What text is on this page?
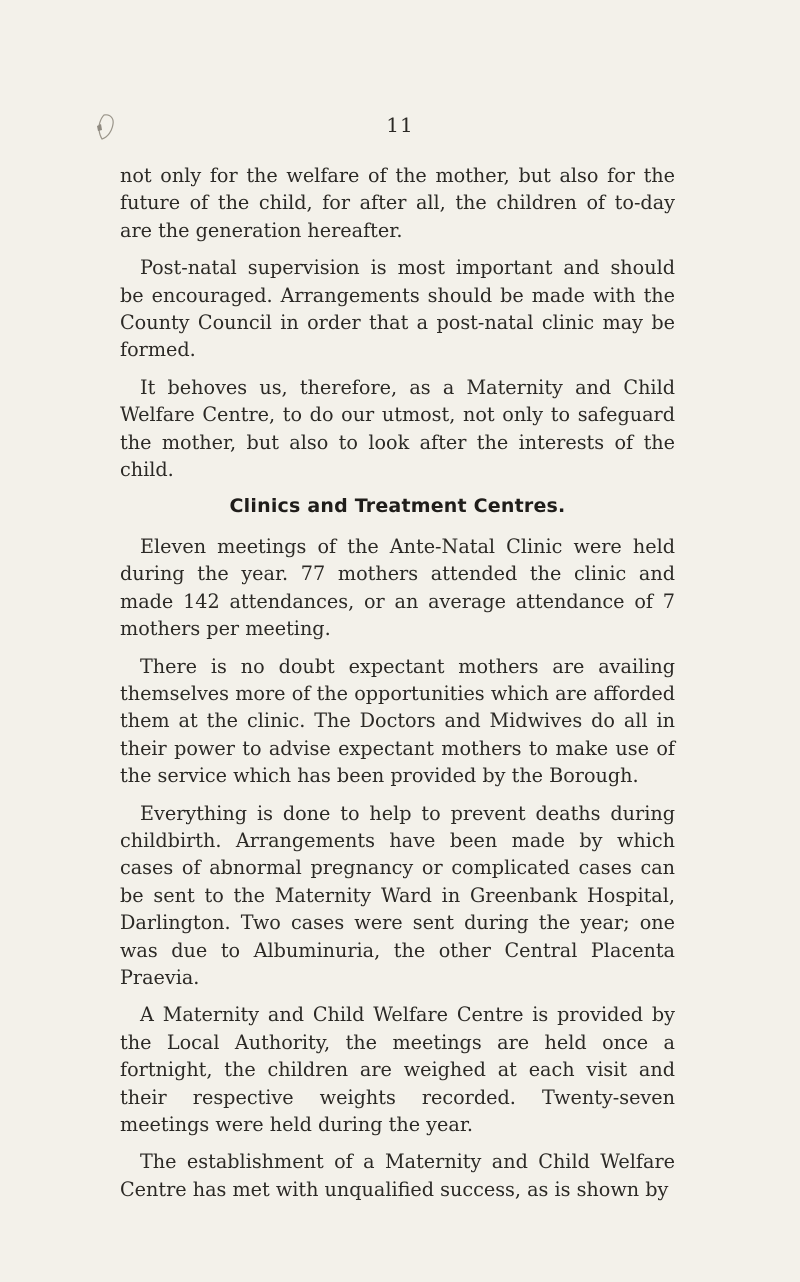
11

not only for the welfare of the mother, but also for the future of the child, for after all, the children of to-day are the generation hereafter.

Post-natal supervision is most important and should be encouraged. Arrangements should be made with the County Council in order that a post-natal clinic may be formed.

It behoves us, therefore, as a Maternity and Child Welfare Centre, to do our utmost, not only to safeguard the mother, but also to look after the interests of the child.

Clinics and Treatment Centres.

Eleven meetings of the Ante-Natal Clinic were held during the year. 77 mothers attended the clinic and made 142 attendances, or an average attendance of 7 mothers per meeting.

There is no doubt expectant mothers are availing themselves more of the opportunities which are afforded them at the clinic. The Doctors and Midwives do all in their power to advise expectant mothers to make use of the service which has been provided by the Borough.

Everything is done to help to prevent deaths during childbirth. Arrangements have been made by which cases of abnormal pregnancy or complicated cases can be sent to the Maternity Ward in Greenbank Hospital, Darlington. Two cases were sent during the year; one was due to Albuminuria, the other Central Placenta Praevia.

A Maternity and Child Welfare Centre is provided by the Local Authority, the meetings are held once a fortnight, the children are weighed at each visit and their respective weights recorded. Twenty-seven meetings were held during the year.

The establishment of a Maternity and Child Welfare Centre has met with unqualified success, as is shown by
